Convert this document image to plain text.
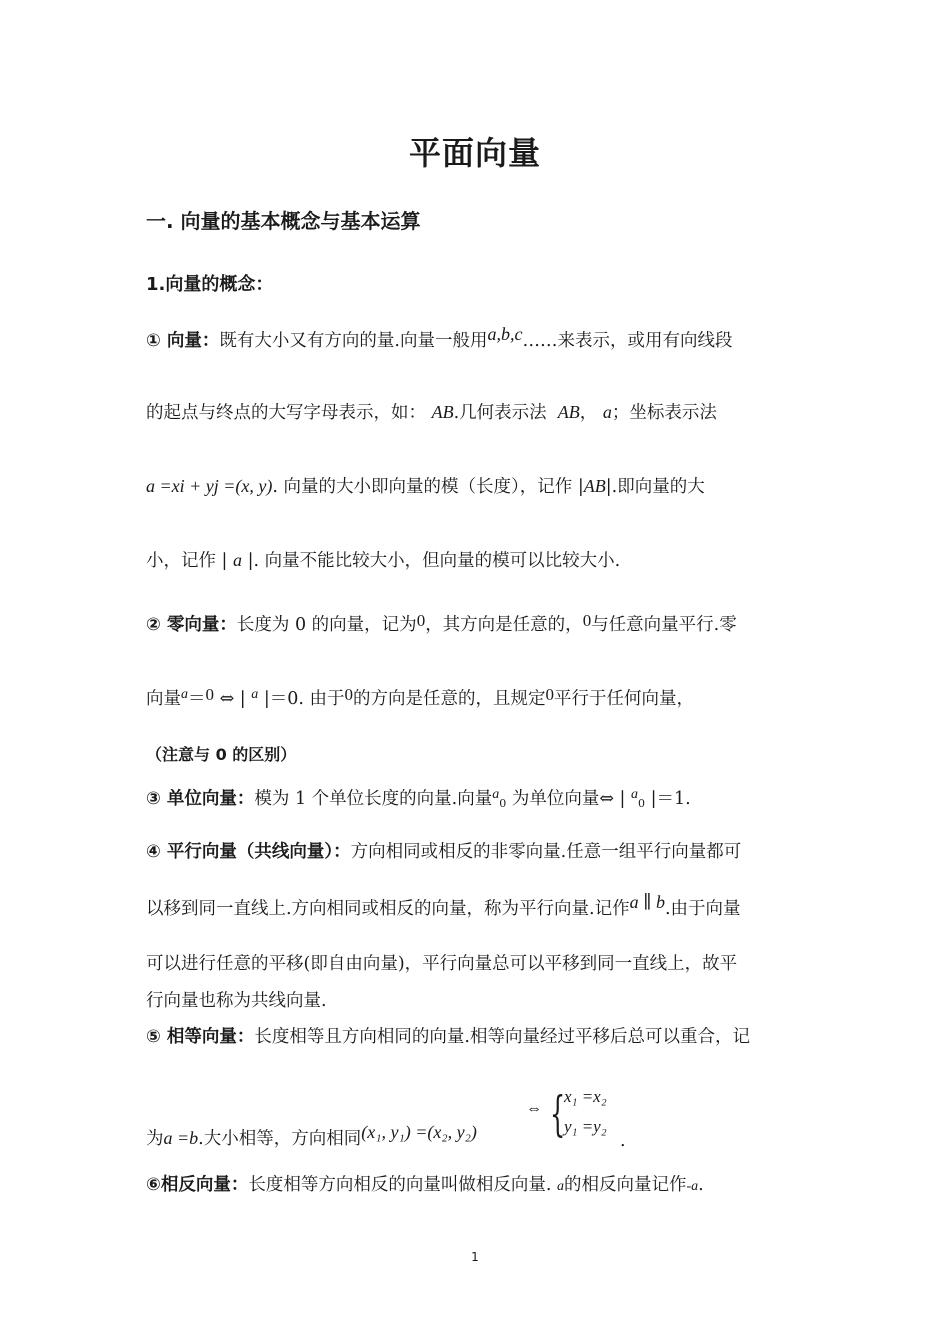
平面向量
一. 向量的基本概念与基本运算
1.向量的概念：
① 向量：既有大小又有方向的量.向量一般用a,b,c……来表示，或用有向线段
的起点与终点的大写字母表示，如： AB.几何表示法 AB， a；坐标表示法
a =xi + yj =(x, y). 向量的大小即向量的模（长度），记作 |AB|.即向量的大
小，记作 | a |. 向量不能比较大小，但向量的模可以比较大小.
② 零向量：长度为 0 的向量，记为0，其方向是任意的，0与任意向量平行.零
向量$^a$＝0 ⇔ | $^a$ |＝0. 由于0的方向是任意的，且规定0平行于任何向量，
（注意与 0 的区别）
③ 单位向量：模为 1 个单位长度的向量.向量$^a_0$ 为单位向量⇔ | $^a_0$ |＝1.
④ 平行向量（共线向量）：方向相同或相反的非零向量.任意一组平行向量都可
以移到同一直线上.方向相同或相反的向量，称为平行向量.记作a ∥ b.由于向量
可以进行任意的平移(即自由向量)，平行向量总可以平移到同一直线上，故平
行向量也称为共线向量.
⑤ 相等向量：长度相等且方向相同的向量.相等向量经过平移后总可以重合，记
为a =b.大小相等，方向相同(x₁, y₁) =(x₂, y₂)
⇔ {
x₁ =x₂
y₁ =y₂
.
⑥相反向量：长度相等方向相反的向量叫做相反向量. a的相反向量记作-a.
1
